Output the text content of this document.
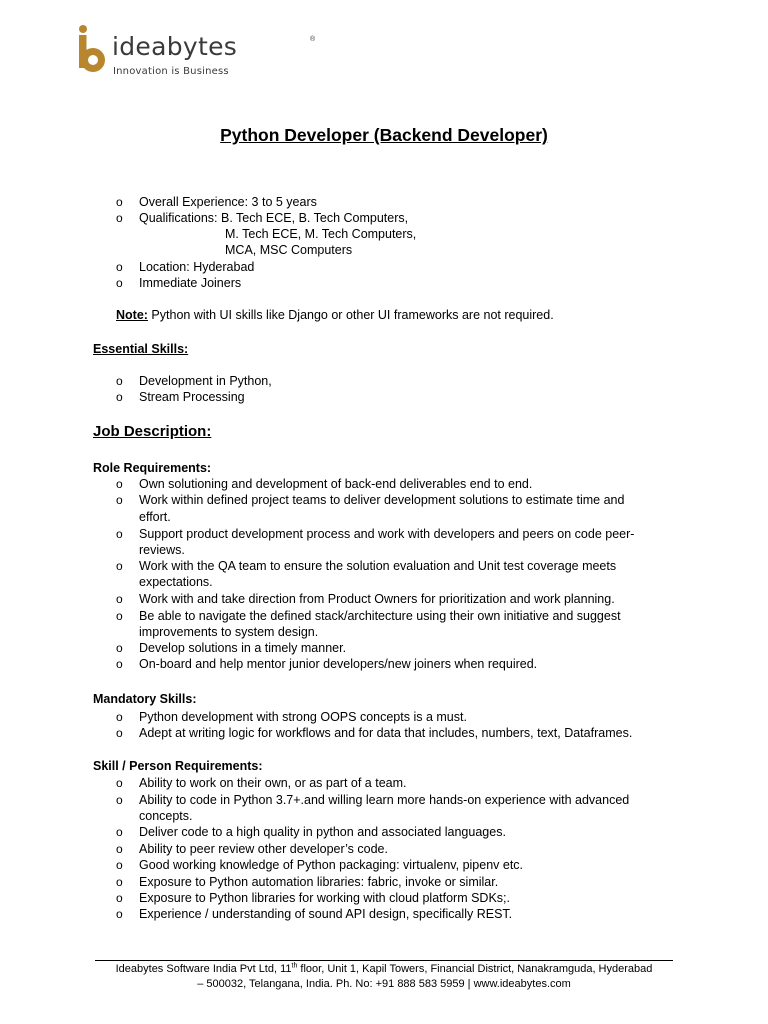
ideabytes	®
Innovation is Business
Python Developer (Backend Developer)
o Overall Experience: 3 to 5 years
o Qualifications: B. Tech ECE, B. Tech Computers,
M. Tech ECE, M. Tech Computers,
MCA, MSC Computers
o Location: Hyderabad
o Immediate Joiners
Note: Python with UI skills like Django or other UI frameworks are not required.
Essential Skills:
o Development in Python,
o Stream Processing
Job Description:
Role Requirements:
o Own solutioning and development of back-end deliverables end to end.
o Work within defined project teams to deliver development solutions to estimate time and
effort.
o Support product development process and work with developers and peers on code peer-
reviews.
o Work with the QA team to ensure the solution evaluation and Unit test coverage meets
expectations.
o Work with and take direction from Product Owners for prioritization and work planning.
o Be able to navigate the defined stack/architecture using their own initiative and suggest
improvements to system design.
o Develop solutions in a timely manner.
o On-board and help mentor junior developers/new joiners when required.
Mandatory Skills:
o Python development with strong OOPS concepts is a must.
o Adept at writing logic for workflows and for data that includes, numbers, text, Dataframes.
Skill / Person Requirements:
o Ability to work on their own, or as part of a team.
o Ability to code in Python 3.7+.and willing learn more hands-on experience with advanced
concepts.
o Deliver code to a high quality in python and associated languages.
o Ability to peer review other developer’s code.
o Good working knowledge of Python packaging: virtualenv, pipenv etc.
o Exposure to Python automation libraries: fabric, invoke or similar.
o Exposure to Python libraries for working with cloud platform SDKs;.
o Experience / understanding of sound API design, specifically REST.
Ideabytes Software India Pvt Ltd, 11th floor, Unit 1, Kapil Towers, Financial District, Nanakramguda, Hyderabad
– 500032, Telangana, India. Ph. No: +91 888 583 5959 | www.ideabytes.com
